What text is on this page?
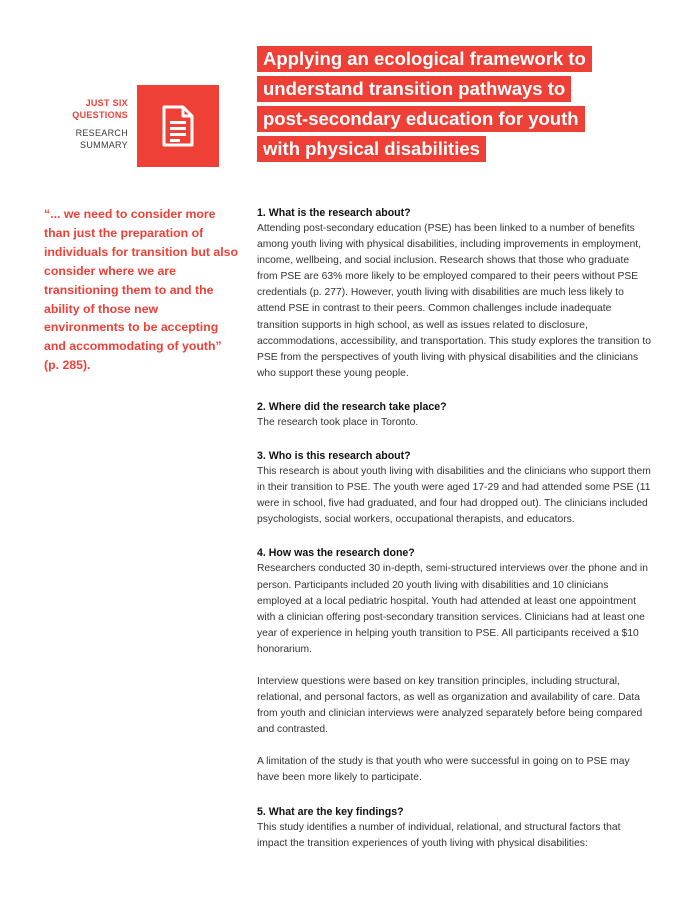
JUST SIX QUESTIONS
RESEARCH SUMMARY
Applying an ecological framework to
understand transition pathways to
post-secondary education for youth
with physical disabilities

“... we need to consider more than just the preparation of individuals for transition but also consider where we are transitioning them to and the ability of those new environments to be accepting and accommodating of youth” (p. 285).

1. What is the research about?

Attending post-secondary education (PSE) has been linked to a number of benefits among youth living with physical disabilities, including improvements in employment, income, wellbeing, and social inclusion. Research shows that those who graduate from PSE are 63% more likely to be employed compared to their peers without PSE credentials (p. 277). However, youth living with disabilities are much less likely to attend PSE in contrast to their peers. Common challenges include inadequate transition supports in high school, as well as issues related to disclosure, accommodations, accessibility, and transportation. This study explores the transition to PSE from the perspectives of youth living with physical disabilities and the clinicians who support these young people.

2. Where did the research take place?

The research took place in Toronto.

3. Who is this research about?

This research is about youth living with disabilities and the clinicians who support them in their transition to PSE. The youth were aged 17-29 and had attended some PSE (11 were in school, five had graduated, and four had dropped out). The clinicians included psychologists, social workers, occupational therapists, and educators.

4. How was the research done?

Researchers conducted 30 in-depth, semi-structured interviews over the phone and in person. Participants included 20 youth living with disabilities and 10 clinicians employed at a local pediatric hospital. Youth had attended at least one appointment with a clinician offering post-secondary transition services. Clinicians had at least one year of experience in helping youth transition to PSE. All participants received a $10 honorarium.

Interview questions were based on key transition principles, including structural, relational, and personal factors, as well as organization and availability of care. Data from youth and clinician interviews were analyzed separately before being compared and contrasted.

A limitation of the study is that youth who were successful in going on to PSE may have been more likely to participate.

5. What are the key findings?

This study identifies a number of individual, relational, and structural factors that impact the transition experiences of youth living with physical disabilities:
